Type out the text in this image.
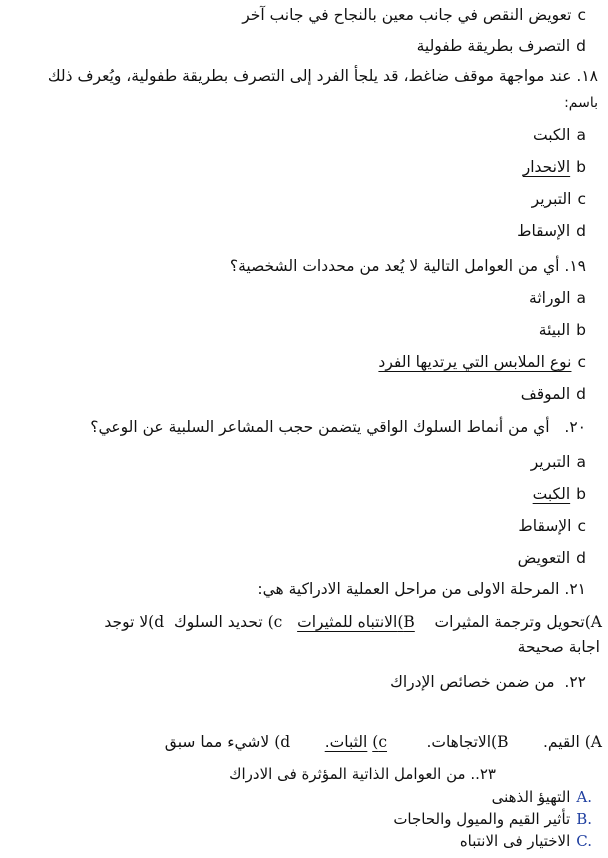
cتعويض النقص في جانب معين بالنجاح في جانب آخر
dالتصرف بطريقة طفولية
١٨. عند مواجهة موقف ضاغط، قد يلجأ الفرد إلى التصرف بطريقة طفولية، ويُعرف ذلك
باسم:
aالكبت
bالانحدار
cالتبرير
dالإسقاط
١٩. أي من العوامل التالية لا يُعد من محددات الشخصية؟
aالوراثة
bالبيئة
cنوع الملابس التي يرتديها الفرد
dالموقف
٢٠.   أي من أنماط السلوك الواقي يتضمن حجب المشاعر السلبية عن الوعي؟
aالتبرير
bالكبت
cالإسقاط
dالتعويض
٢١. المرحلة الاولى من مراحل العملية الادراكية هي:
A)تحويل وترجمة المثيرات    B)الانتباه للمثيرات   c) تحديد السلوك  d)لا توجد
اجابة صحيحة
٢٢.  من ضمن خصائص الإدراك
A) القيم.       B)الاتجاهات.        c) الثبات.       d) لاشيء مما سبق
٢٣.. من العوامل الذاتية المؤثرة فى الادراك
A.التهيؤ الذهنى
B.تأثير القيم والميول والحاجات
C.الاختيار فى الانتباه
